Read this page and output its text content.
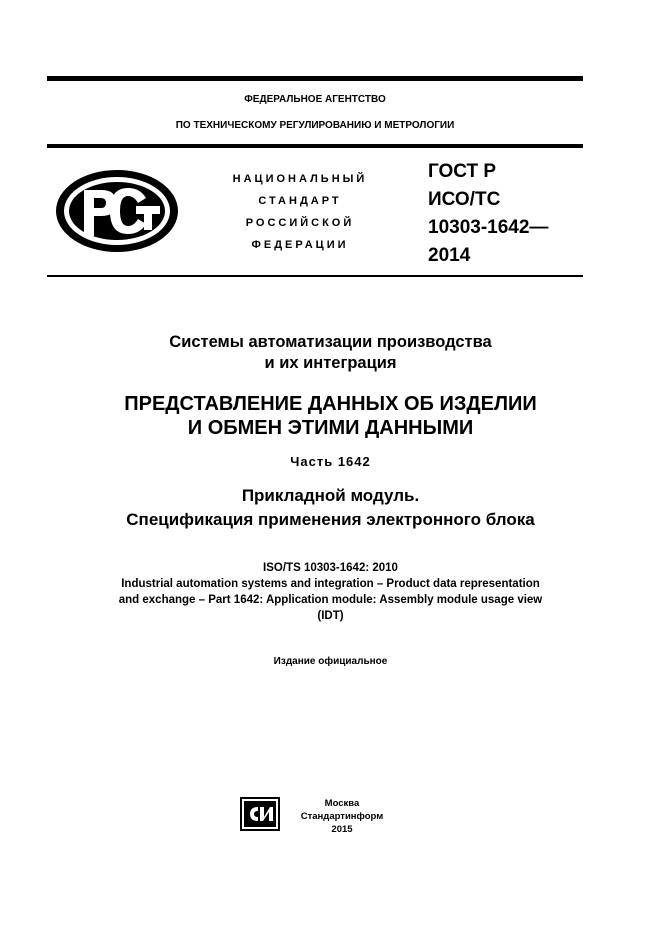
ФЕДЕРАЛЬНОЕ АГЕНТСТВО
ПО ТЕХНИЧЕСКОМУ РЕГУЛИРОВАНИЮ И МЕТРОЛОГИИ
НАЦИОНАЛЬНЫЙ
СТАНДАРТ
РОССИЙСКОЙ
ФЕДЕРАЦИИ
ГОСТ Р
ИСО/ТС
10303-1642—
2014
Системы автоматизации производства
и их интеграция
ПРЕДСТАВЛЕНИЕ ДАННЫХ ОБ ИЗДЕЛИИ
И ОБМЕН ЭТИМИ ДАННЫМИ
Часть 1642
Прикладной модуль.
Спецификация применения электронного блока
ISO/TS 10303-1642: 2010
Industrial automation systems and integration – Product data representation
and exchange – Part 1642: Application module: Assembly module usage view
(IDT)
Издание официальное
Москва
Стандартинформ
2015
